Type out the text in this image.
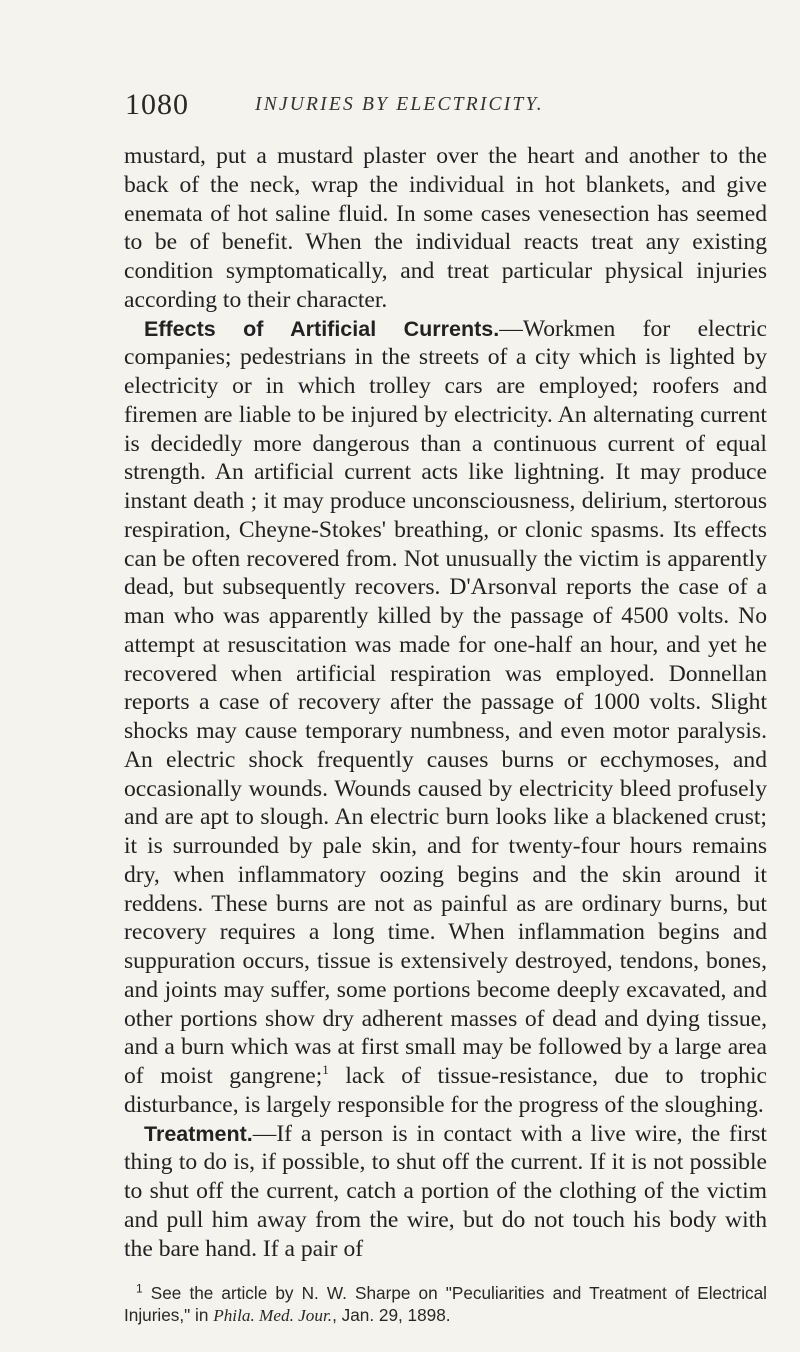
1080	INJURIES BY ELECTRICITY.

mustard, put a mustard plaster over the heart and another to the back of the neck, wrap the individual in hot blankets, and give enemata of hot saline fluid. In some cases venesection has seemed to be of benefit. When the individual reacts treat any existing condition symptomatically, and treat particular physical injuries according to their character.

Effects of Artificial Currents.—Workmen for electric companies; pedestrians in the streets of a city which is lighted by electricity or in which trolley cars are employed; roofers and firemen are liable to be injured by electricity. An alternating current is decidedly more dangerous than a continuous current of equal strength. An artificial current acts like lightning. It may produce instant death ; it may produce unconsciousness, delirium, stertorous respiration, Cheyne-Stokes' breathing, or clonic spasms. Its effects can be often recovered from. Not unusually the victim is apparently dead, but subsequently recovers. D'Arsonval reports the case of a man who was apparently killed by the passage of 4500 volts. No attempt at resuscitation was made for one-half an hour, and yet he recovered when artificial respiration was employed. Donnellan reports a case of recovery after the passage of 1000 volts. Slight shocks may cause temporary numbness, and even motor paralysis. An electric shock frequently causes burns or ecchymoses, and occasionally wounds. Wounds caused by electricity bleed profusely and are apt to slough. An electric burn looks like a blackened crust; it is surrounded by pale skin, and for twenty-four hours remains dry, when inflammatory oozing begins and the skin around it reddens. These burns are not as painful as are ordinary burns, but recovery requires a long time. When inflammation begins and suppuration occurs, tissue is extensively destroyed, tendons, bones, and joints may suffer, some portions become deeply excavated, and other portions show dry adherent masses of dead and dying tissue, and a burn which was at first small may be followed by a large area of moist gangrene;$^1$ lack of tissue-resistance, due to trophic disturbance, is largely responsible for the progress of the sloughing.

Treatment.—If a person is in contact with a live wire, the first thing to do is, if possible, to shut off the current. If it is not possible to shut off the current, catch a portion of the clothing of the victim and pull him away from the wire, but do not touch his body with the bare hand. If a pair of

$^1$ See the article by N. W. Sharpe on "Peculiarities and Treatment of Electrical Injuries," in Phila. Med. Jour., Jan. 29, 1898.
